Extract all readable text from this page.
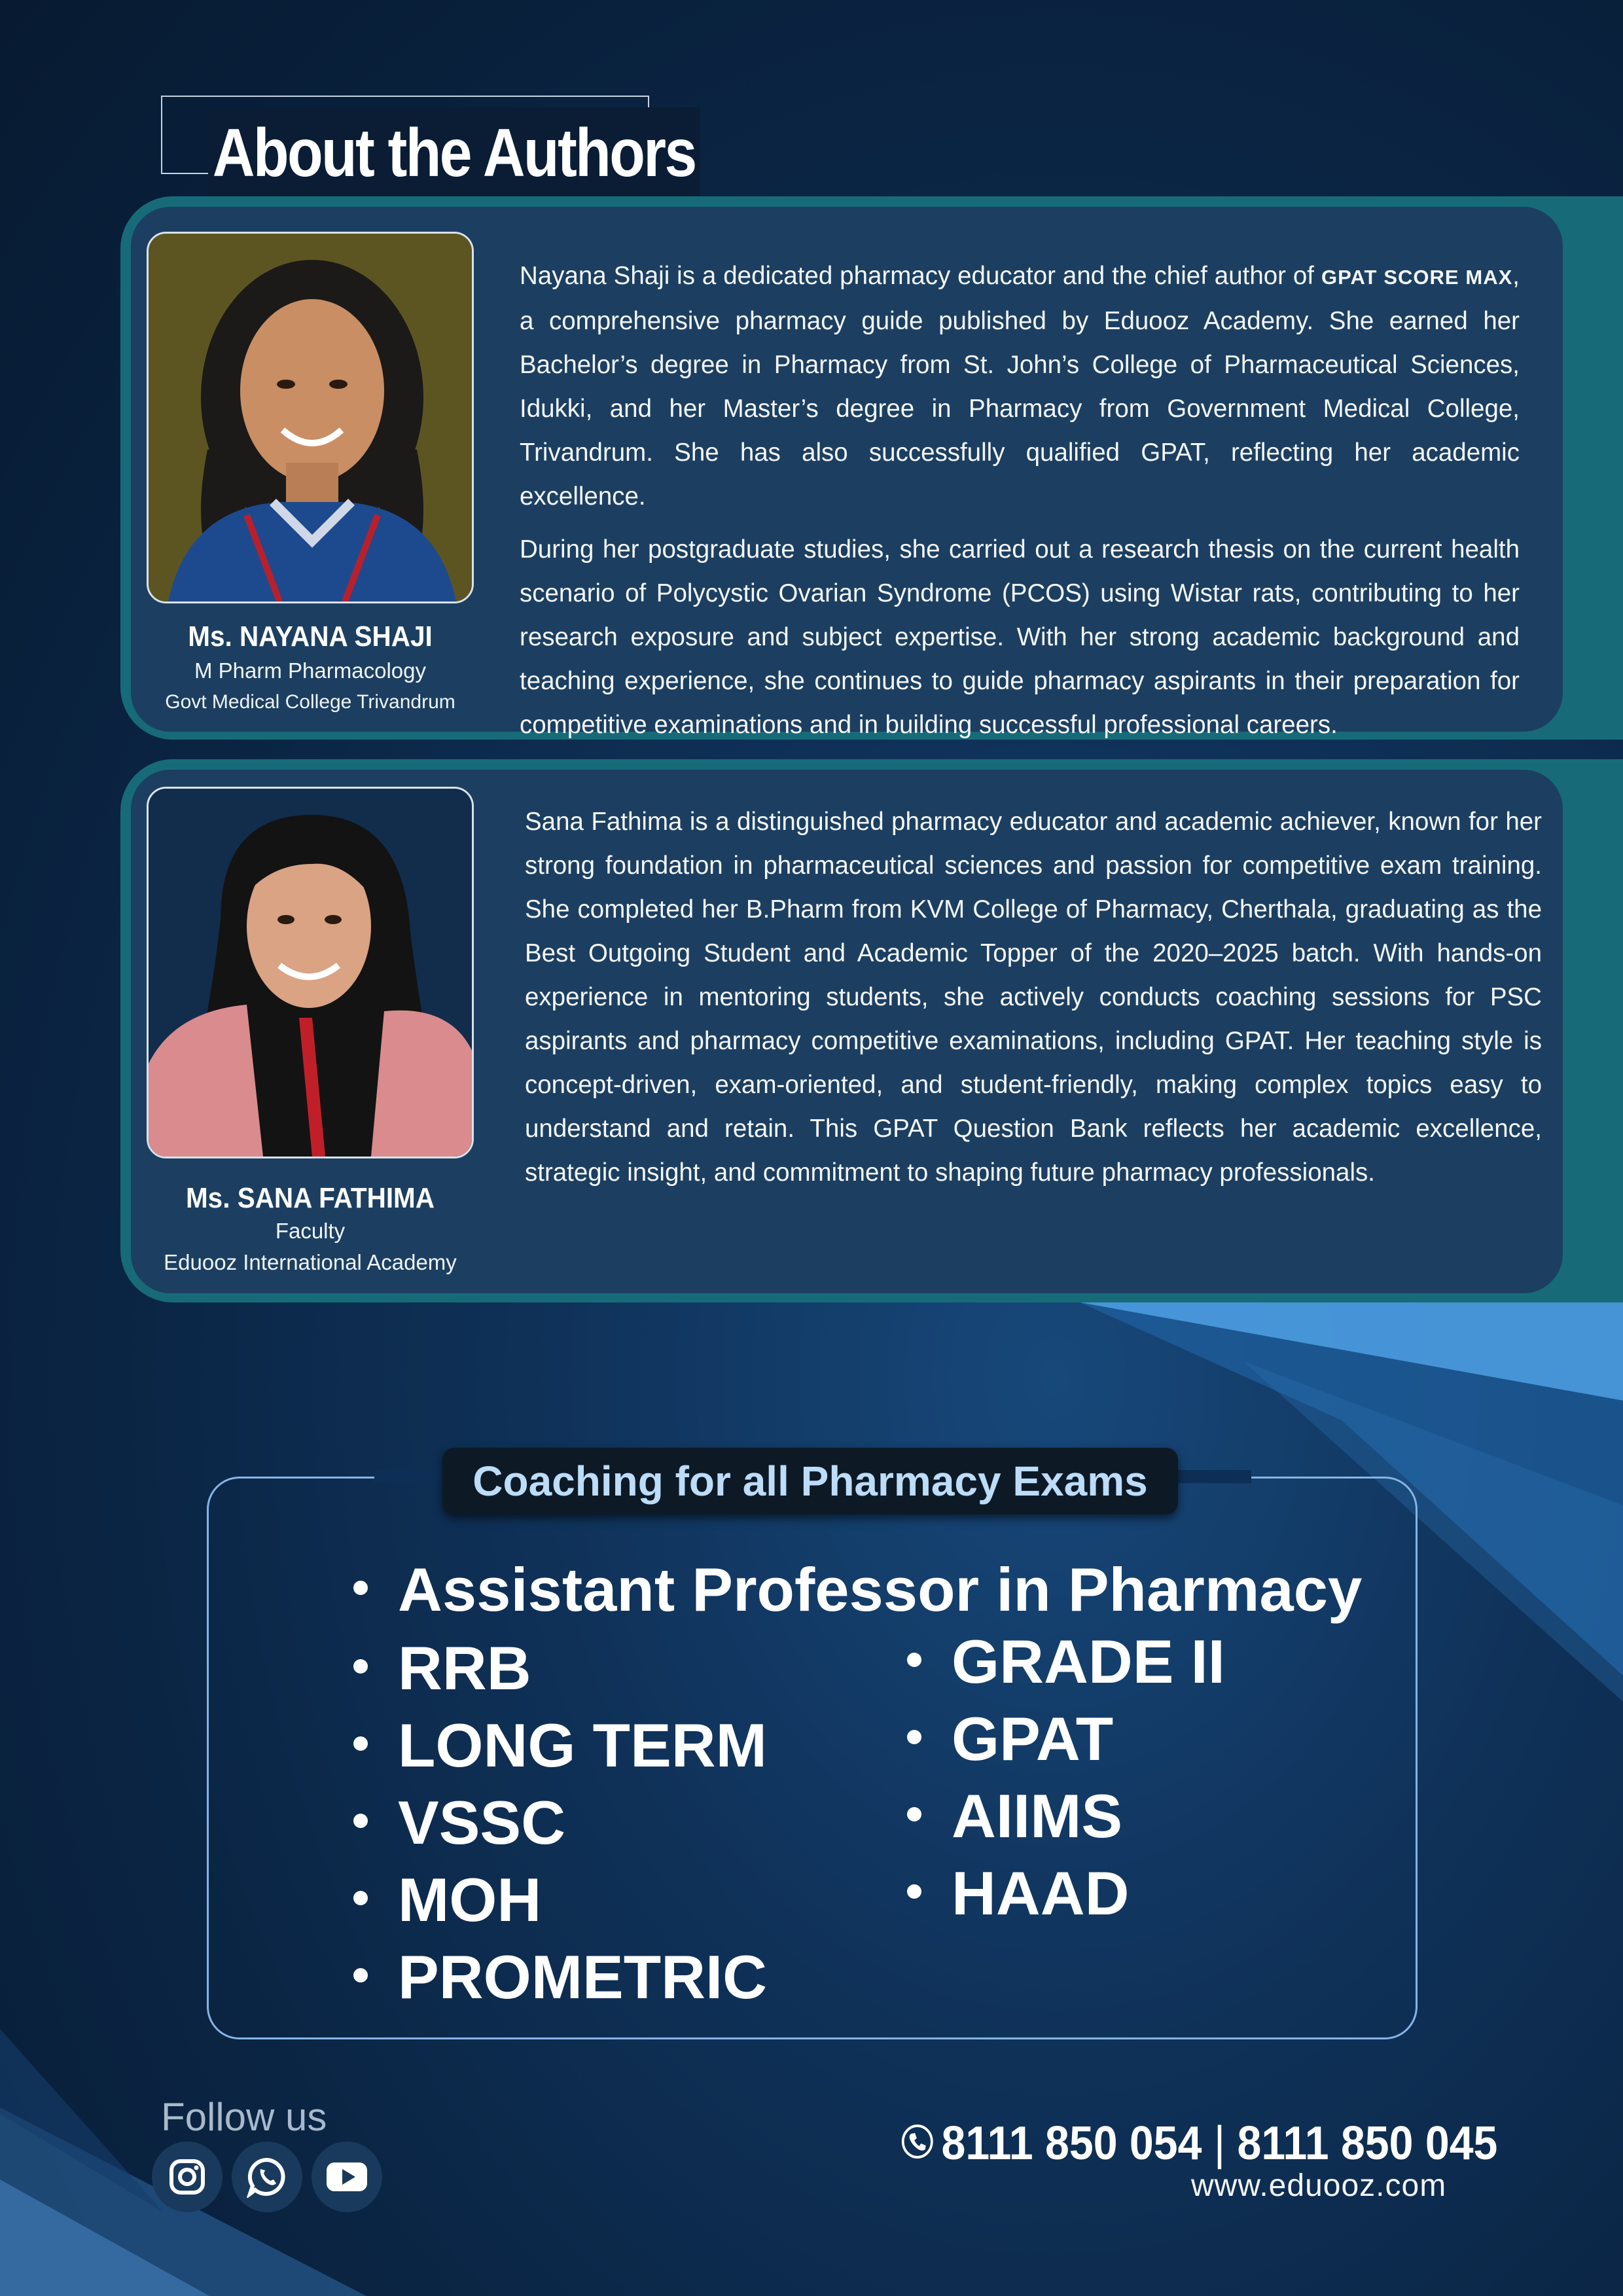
About the Authors
Ms. NAYANA SHAJI
M Pharm Pharmacology
Govt Medical College Trivandrum

Nayana Shaji is a dedicated pharmacy educator and the chief author of GPAT SCORE MAX, a comprehensive pharmacy guide published by Eduooz Academy. She earned her Bachelor’s degree in Pharmacy from St. John’s College of Pharmaceutical Sciences, Idukki, and her Master’s degree in Pharmacy from Government Medical College, Trivandrum. She has also successfully qualified GPAT, reflecting her academic excellence.

During her postgraduate studies, she carried out a research thesis on the current health scenario of Polycystic Ovarian Syndrome (PCOS) using Wistar rats, contributing to her research exposure and subject expertise. With her strong academic background and teaching experience, she continues to guide pharmacy aspirants in their preparation for competitive examinations and in building successful professional careers.

Ms. SANA FATHIMA
Faculty
Eduooz International Academy

Sana Fathima is a distinguished pharmacy educator and academic achiever, known for her strong foundation in pharmaceutical sciences and passion for competitive exam training. She completed her B.Pharm from KVM College of Pharmacy, Cherthala, graduating as the Best Outgoing Student and Academic Topper of the 2020–2025 batch. With hands-on experience in mentoring students, she actively conducts coaching sessions for PSC aspirants and pharmacy competitive examinations, including GPAT. Her teaching style is concept-driven, exam-oriented, and student-friendly, making complex topics easy to understand and retain. This GPAT Question Bank reflects her academic excellence, strategic insight, and commitment to shaping future pharmacy professionals.

Coaching for all Pharmacy Exams
Assistant Professor in Pharmacy
RRB
LONG TERM
VSSC
MOH
PROMETRIC
GRADE II
GPAT
AIIMS
HAAD
Follow us
8111 850 054 | 8111 850 045
www.eduooz.com
